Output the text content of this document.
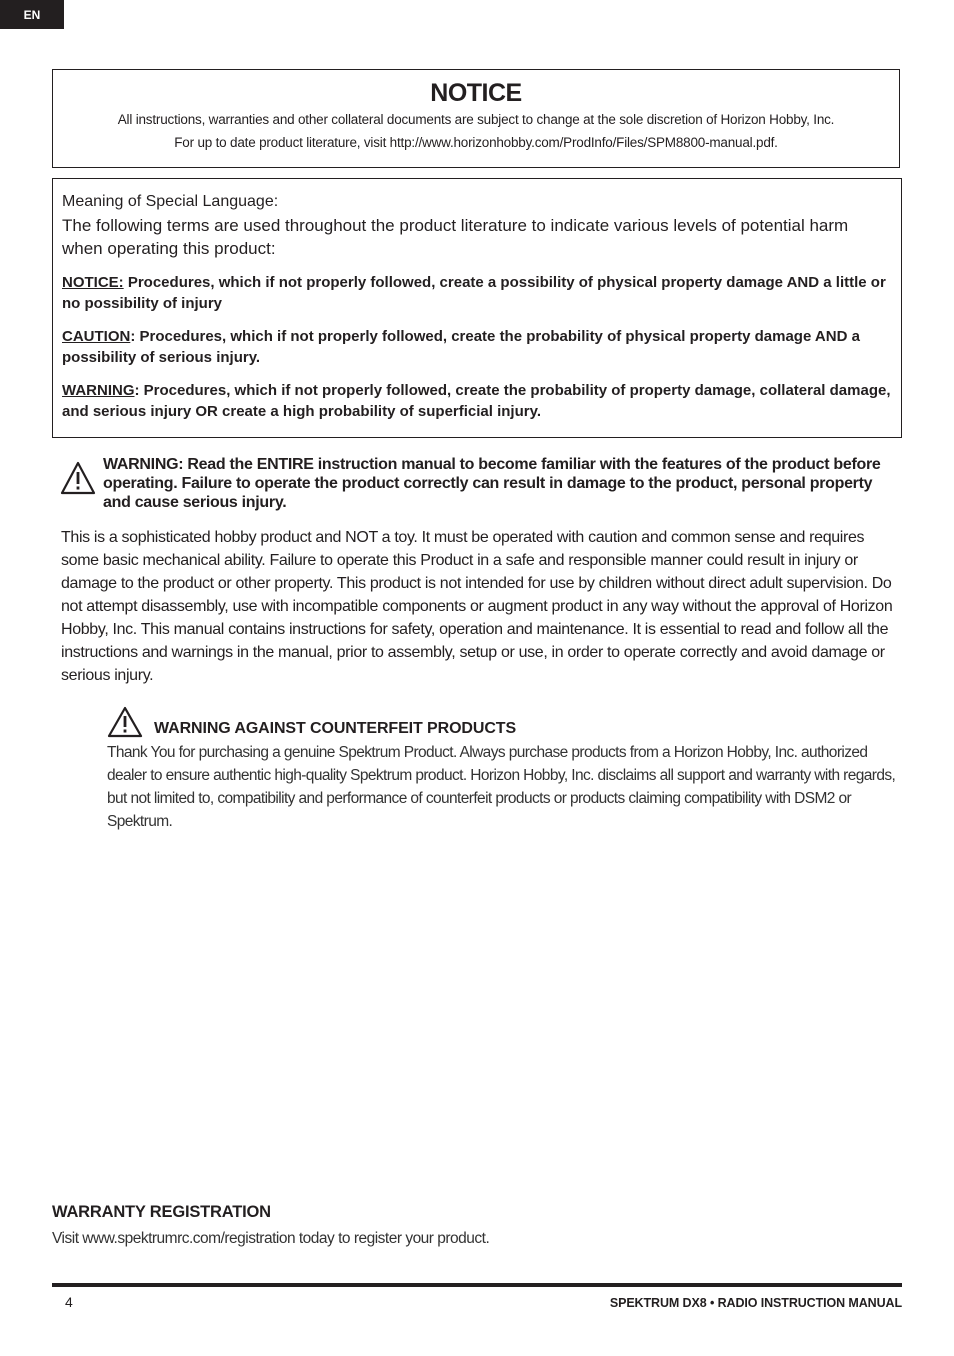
EN
NOTICE
All instructions, warranties and other collateral documents are subject to change at the sole discretion of Horizon Hobby, Inc.
For up to date product literature, visit http://www.horizonhobby.com/ProdInfo/Files/SPM8800-manual.pdf.
Meaning of Special Language:
The following terms are used throughout the product literature to indicate various levels of potential harm when operating this product:
NOTICE: Procedures, which if not properly followed, create a possibility of physical property damage AND a little or no possibility of injury
CAUTION: Procedures, which if not properly followed, create the probability of physical property damage AND a possibility of serious injury.
WARNING: Procedures, which if not properly followed, create the probability of property damage, collateral damage, and serious injury OR create a high probability of superficial injury.
WARNING: Read the ENTIRE instruction manual to become familiar with the features of the product before operating. Failure to operate the product correctly can result in damage to the product, personal property and cause serious injury.
This is a sophisticated hobby product and NOT a toy. It must be operated with caution and common sense and requires some basic mechanical ability. Failure to operate this Product in a safe and responsible manner could result in injury or damage to the product or other property. This product is not intended for use by children without direct adult supervision. Do not attempt disassembly, use with incompatible components or augment product in any way without the approval of Horizon Hobby, Inc. This manual contains instructions for safety, operation and maintenance. It is essential to read and follow all the instructions and warnings in the manual, prior to assembly, setup or use, in order to operate correctly and avoid damage or serious injury.
WARNING AGAINST COUNTERFEIT PRODUCTS
Thank You for purchasing a genuine Spektrum Product. Always purchase products from a Horizon Hobby, Inc. authorized dealer to ensure authentic high-quality Spektrum product. Horizon Hobby, Inc. disclaims all support and warranty with regards, but not limited to, compatibility and performance of counterfeit products or products claiming compatibility with DSM2 or Spektrum.
WARRANTY REGISTRATION
Visit www.spektrumrc.com/registration today to register your product.
4	SPEKTRUM DX8 • RADIO INSTRUCTION MANUAL
